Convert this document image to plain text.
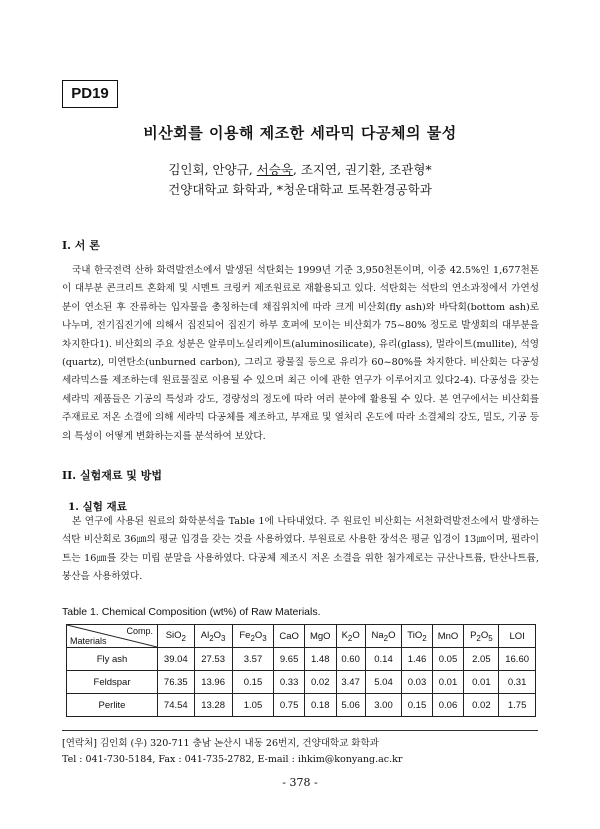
PD19
비산회를 이용해 제조한 세라믹 다공체의 물성
김인회, 안양규, 서승욱, 조지연, 권기환, 조관형*
건양대학교 화학과, *청운대학교 토목환경공학과
I. 서 론

국내 한국전력 산하 화력발전소에서 발생된 석탄회는 1999년 기준 3,950천톤이며, 이중 42.5%인 1,677천톤이 대부분 콘크리트 혼화제 및 시멘트 크링커 제조원료로 재활용되고 있다. 석탄회는 석탄의 연소과정에서 가연성분이 연소된 후 잔류하는 입자물을 총칭하는데 채집위치에 따라 크게 비산회(fly ash)와 바닥회(bottom ash)로 나누며, 전기집진기에 의해서 집진되어 집진기 하부 호퍼에 모이는 비산회가 75~80% 정도로 발생회의 대부분을 차지한다1). 비산회의 주요 성분은 알루미노실리케이트(aluminosilicate), 유리(glass), 멀라이트(mullite), 석영(quartz), 미연탄소(unburned carbon), 그리고 광물질 등으로 유리가 60~80%를 차지한다. 비산회는 다공성 세라믹스를 제조하는데 원료물질로 이용될 수 있으며 최근 이에 관한 연구가 이루어지고 있다2-4). 다공성을 갖는 세라믹 제품들은 기공의 특성과 강도, 경량성의 정도에 따라 여러 분야에 활용될 수 있다. 본 연구에서는 비산회를 주재료로 저온 소결에 의해 세라믹 다공체를 제조하고, 부재료 및 열처리 온도에 따라 소결체의 강도, 밀도, 기공 등의 특성이 어떻게 변화하는지를 분석하여 보았다.

II. 실험재료 및 방법
1. 실험 재료

본 연구에 사용된 원료의 화학분석을 Table 1에 나타내었다. 주 원료인 비산회는 서천화력발전소에서 발생하는 석탄 비산회로 36㎛의 평균 입경을 갖는 것을 사용하였다. 부원료로 사용한 장석은 평균 입경이 13㎛이며, 펄라이트는 16㎛를 갖는 미립 분말을 사용하였다. 다공체 제조시 저온 소결을 위한 첨가제로는 규산나트륨, 탄산나트륨, 붕산을 사용하였다.

Table 1. Chemical Composition (wt%) of Raw Materials.
Comp.
Materials	SiO$_2$	$Al_2O_3$	$Fe_2O_3$	CaO	MgO	$K_2O$	$Na_2O$	TiO$_2$	MnO	$P_2O_5$	LOI
Fly ash	39.04	27.53	3.57	9.65	1.48	0.60	0.14	1.46	0.05	2.05	16.60
Feldspar	76.35	13.96	0.15	0.33	0.02	3.47	5.04	0.03	0.01	0.01	0.31
Perlite	74.54	13.28	1.05	0.75	0.18	5.06	3.00	0.15	0.06	0.02	1.75
[연락처] 김인회 (우) 320-711 충남 논산시 내동 26번지, 건양대학교 화학과
Tel : 041-730-5184, Fax : 041-735-2782, E-mail : ihkim@konyang.ac.kr
- 378 -
